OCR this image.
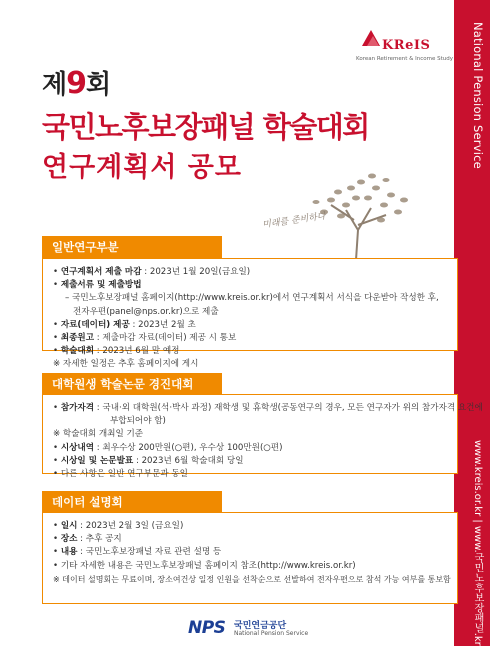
National Pension Service
www.kreis.or.kr | www.국민노후보장패널.kr
KReIS
Korean Retirement & Income Study
제9회
국민노후보장패널 학술대회
연구계획서 공모
미래를 준비하다
일반연구부분
• 연구계획서 제출 마감 : 2023년 1월 20일(금요일)
• 제출서류 및 제출방법
– 국민노후보장패널 홈페이지(http://www.kreis.or.kr)에서 연구계획서 서식을 다운받아 작성한 후,
전자우편(panel@nps.or.kr)으로 제출
• 자료(데이터) 제공 : 2023년 2월 초
• 최종원고 : 제출마감 자료(데이터) 제공 시 통보
• 학술대회 : 2023년 6월 말 예정
※ 자세한 일정은 추후 홈페이지에 게시
대학원생 학술논문 경진대회
• 참가자격 : 국내·외 대학원(석·박사 과정) 재학생 및 휴학생(공동연구의 경우, 모든 연구자가 위의 참가자격 요건에
부합되어야 함)
※ 학술대회 개최일 기준
• 시상내역 : 최우수상 200만원(○편), 우수상 100만원(○편)
• 시상일 및 논문발표 : 2023년 6월 학술대회 당일
• 다른 사항은 일반 연구부문과 동일
데이터 설명회
• 일시 : 2023년 2월 3일 (금요일)
• 장소 : 추후 공지
• 내용 : 국민노후보장패널 자료 관련 설명 등
• 기타 자세한 내용은 국민노후보장패널 홈페이지 참조(http://www.kreis.or.kr)
※ 데이터 설명회는 무료이며, 장소여건상 일정 인원을 선착순으로 선발하여 전자우편으로 참석 가능 여부를 통보함
NPS 국민연금공단
National Pension Service
